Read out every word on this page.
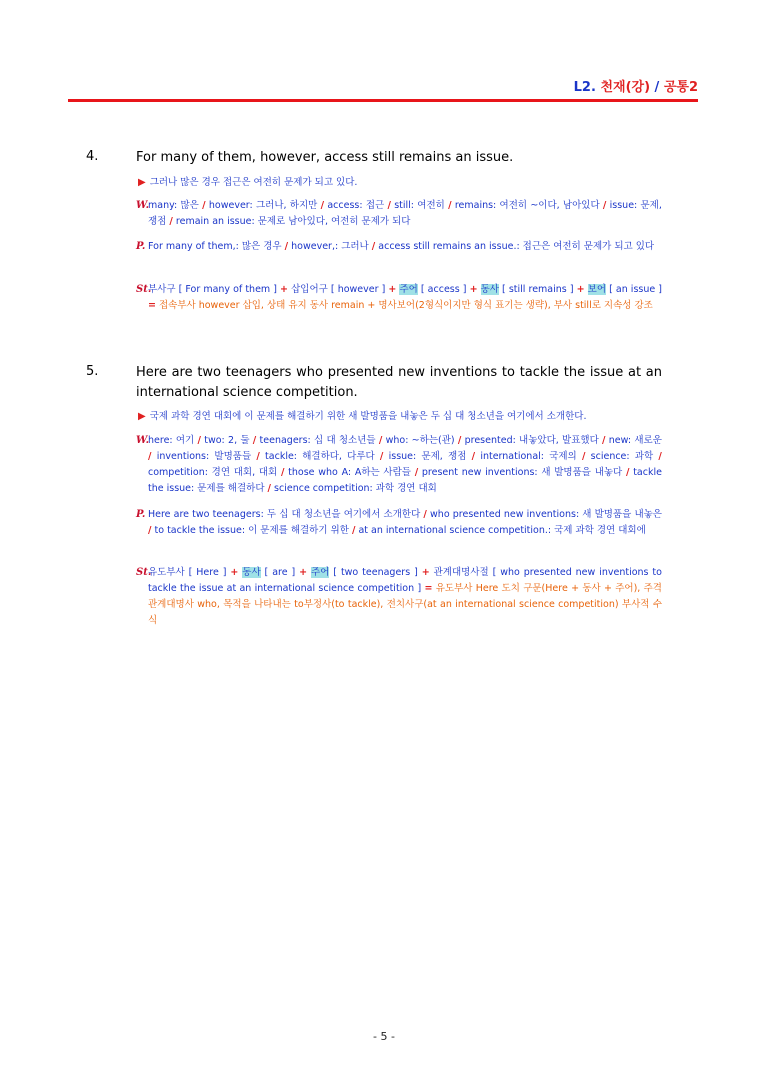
L2. 천재(강) / 공통2
4.	For many of them, however, access still remains an issue.
▶ 그러나 많은 경우 접근은 여전히 문제가 되고 있다.
W.
many: 많은 / however: 그러나, 하지만 / access: 접근 / still: 여전히 / remains: 여전히 ~이다, 남아있다 / issue: 문제, 쟁점 / remain an issue: 문제로 남아있다, 여전히 문제가 되다
P. For many of them,: 많은 경우 / however,: 그러나 / access still remains an issue.: 접근은 여전히 문제가 되고 있다
St.
부사구 [ For many of them ] + 삽입어구 [ however ] + 주어 [ access ] + 동사 [ still remains ] + 보어 [ an issue ] = 접속부사 however 삽입, 상태 유지 동사 remain + 명사보어(2형식이지만 형식 표기는 생략), 부사 still로 지속성 강조
5.	Here are two teenagers who presented new inventions to tackle the issue at an international science competition.
▶ 국제 과학 경연 대회에 이 문제를 해결하기 위한 새 발명품을 내놓은 두 십 대 청소년을 여기에서 소개한다.
W.
here: 여기 / two: 2, 둘 / teenagers: 십 대 청소년들 / who: ~하는(관) / presented: 내놓았다, 발표했다 / new: 새로운 / inventions: 발명품들 / tackle: 해결하다, 다루다 / issue: 문제, 쟁점 / international: 국제의 / science: 과학 / competition: 경연 대회, 대회 / those who A: A하는 사람들 / present new inventions: 새 발명품을 내놓다 / tackle the issue: 문제를 해결하다 / science competition: 과학 경연 대회
P. Here are two teenagers: 두 십 대 청소년을 여기에서 소개한다 / who presented new inventions: 새 발명품을 내놓은 / to tackle the issue: 이 문제를 해결하기 위한 / at an international science competition.: 국제 과학 경연 대회에
St.
유도부사 [ Here ] + 동사 [ are ] + 주어 [ two teenagers ] + 관계대명사절 [ who presented new inventions to tackle the issue at an international science competition ] = 유도부사 Here 도치 구문(Here + 동사 + 주어), 주격 관계대명사 who, 목적을 나타내는 to부정사(to tackle), 전치사구(at an international science competition) 부사적 수식
- 5 -
